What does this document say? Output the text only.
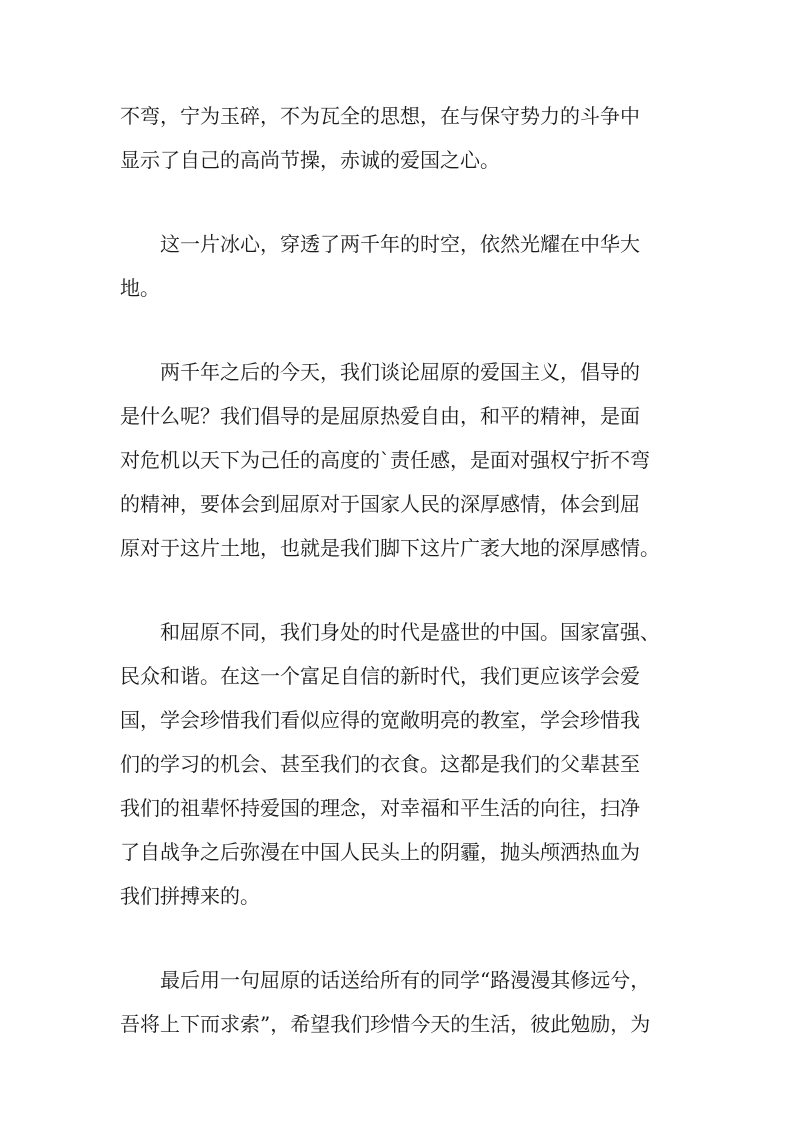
不弯，宁为玉碎，不为瓦全的思想，在与保守势力的斗争中
显示了自己的高尚节操，赤诚的爱国之心。
这一片冰心，穿透了两千年的时空，依然光耀在中华大
地。
两千年之后的今天，我们谈论屈原的爱国主义，倡导的
是什么呢？我们倡导的是屈原热爱自由，和平的精神，是面
对危机以天下为己任的高度的`责任感，是面对强权宁折不弯
的精神，要体会到屈原对于国家人民的深厚感情，体会到屈
原对于这片土地，也就是我们脚下这片广袤大地的深厚感情。
和屈原不同，我们身处的时代是盛世的中国。国家富强、
民众和谐。在这一个富足自信的新时代，我们更应该学会爱
国，学会珍惜我们看似应得的宽敞明亮的教室，学会珍惜我
们的学习的机会、甚至我们的衣食。这都是我们的父辈甚至
我们的祖辈怀持爱国的理念，对幸福和平生活的向往，扫净
了自战争之后弥漫在中国人民头上的阴霾，抛头颅洒热血为
我们拼搏来的。
最后用一句屈原的话送给所有的同学“路漫漫其修远兮，
吾将上下而求索”，希望我们珍惜今天的生活，彼此勉励，为
